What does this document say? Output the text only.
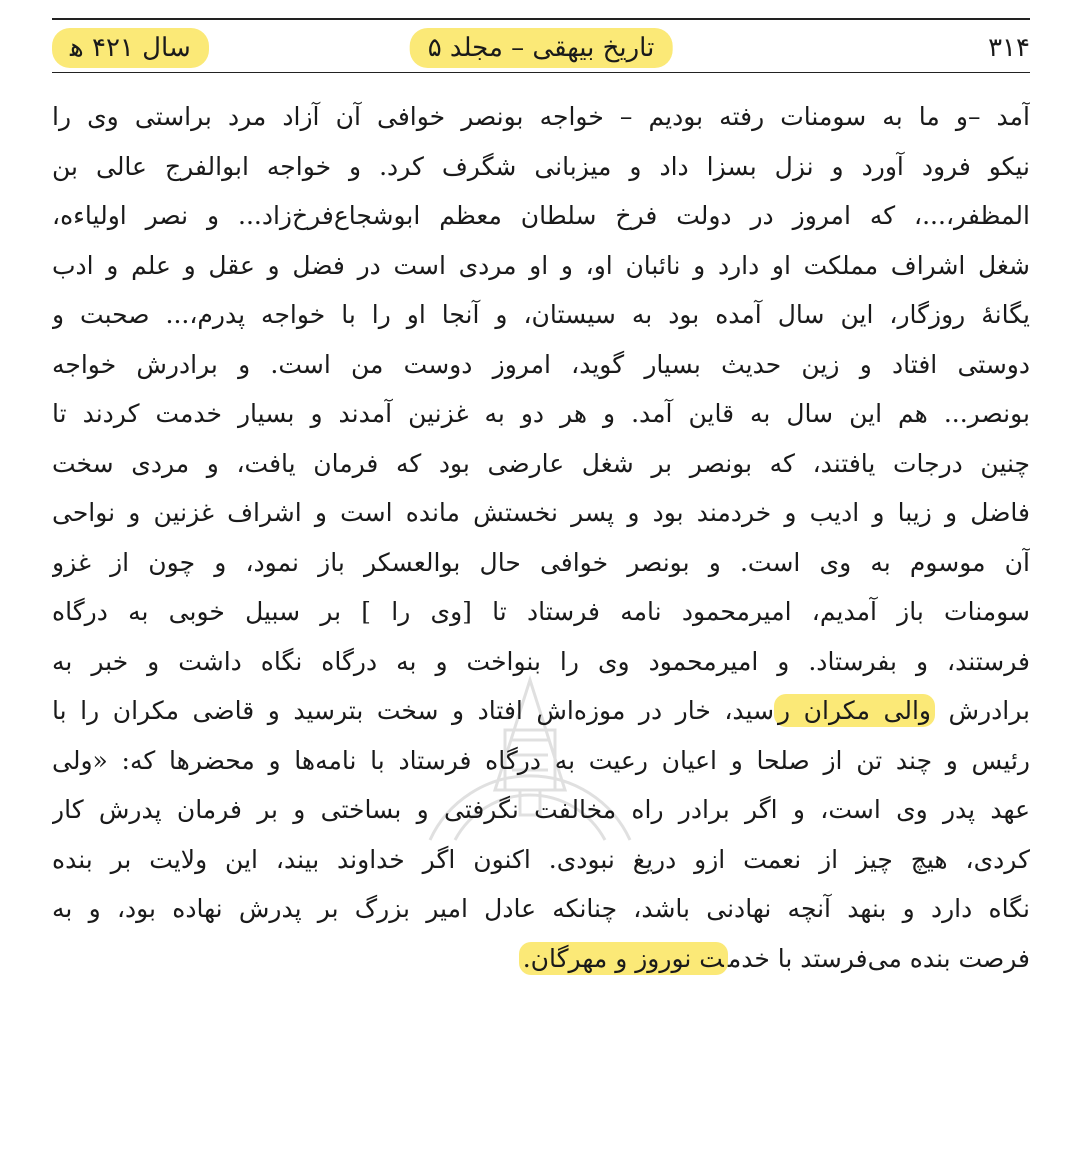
۳۱۴
تاریخ بیهقی – مجلد ۵
سال ۴۲۱ ﻫ
آمد –و ما به سومنات رفته بودیم – خواجه بونصر خوافی آن آزاد مرد براستی وی را
نیکو فرود آورد و نزل بسزا داد و میزبانی شگرف کرد. و خواجه ابوالفرج عالی بن
المظفر،...، که امروز در دولت فرخ سلطان معظم ابوشجاع‌فرخ‌زاد... و نصر اولیاء‌ه،
شغل اشراف مملکت او دارد و نائبان او، و او مردی است در فضل و عقل و علم و ادب
یگانهٔ روزگار، این سال آمده بود به سیستان، و آنجا او را با خواجه پدرم،... صحبت و
دوستی افتاد و زین حدیث بسیار گوید، امروز دوست من است. و برادرش خواجه
بونصر... هم این سال به قاین آمد. و هر دو به غزنین آمدند و بسیار خدمت کردند تا
چنین درجات یافتند، که بونصر بر شغل عارضی بود که فرمان یافت، و مردی سخت
فاضل و زیبا و ادیب و خردمند بود و پسر نخستش مانده است و اشراف غزنین و نواحی
آن موسوم به وی است. و بونصر خوافی حال بوالعسکر باز نمود، و چون از غزو
سومنات باز آمدیم، امیرمحمود نامه فرستاد تا [وی را ] بر سبیل خوبی به درگاه
فرستند، و بفرستاد. و امیرمحمود وی را بنواخت و به درگاه نگاه داشت و خبر به
برادرش والی مکران رسید، خار در موزه‌اش افتاد و سخت بترسید و قاضی مکران را با
رئیس و چند تن از صلحا و اعیان رعیت به درگاه فرستاد با نامه‌ها و محضرها که: «ولی
عهد پدر وی است، و اگر برادر راه مخالفت نگرفتی و بساختی و بر فرمان پدرش کار
کردی، هیچ چیز از نعمت ازو دریغ نبودی. اکنون اگر خداوند بیند، این ولایت بر بنده
نگاه دارد و بنهد آنچه نهادنی باشد، چنانکه عادل امیر بزرگ بر پدرش نهاده بود، و به
فرصت بنده می‌فرستد با خدمت نوروز و مهرگان.
